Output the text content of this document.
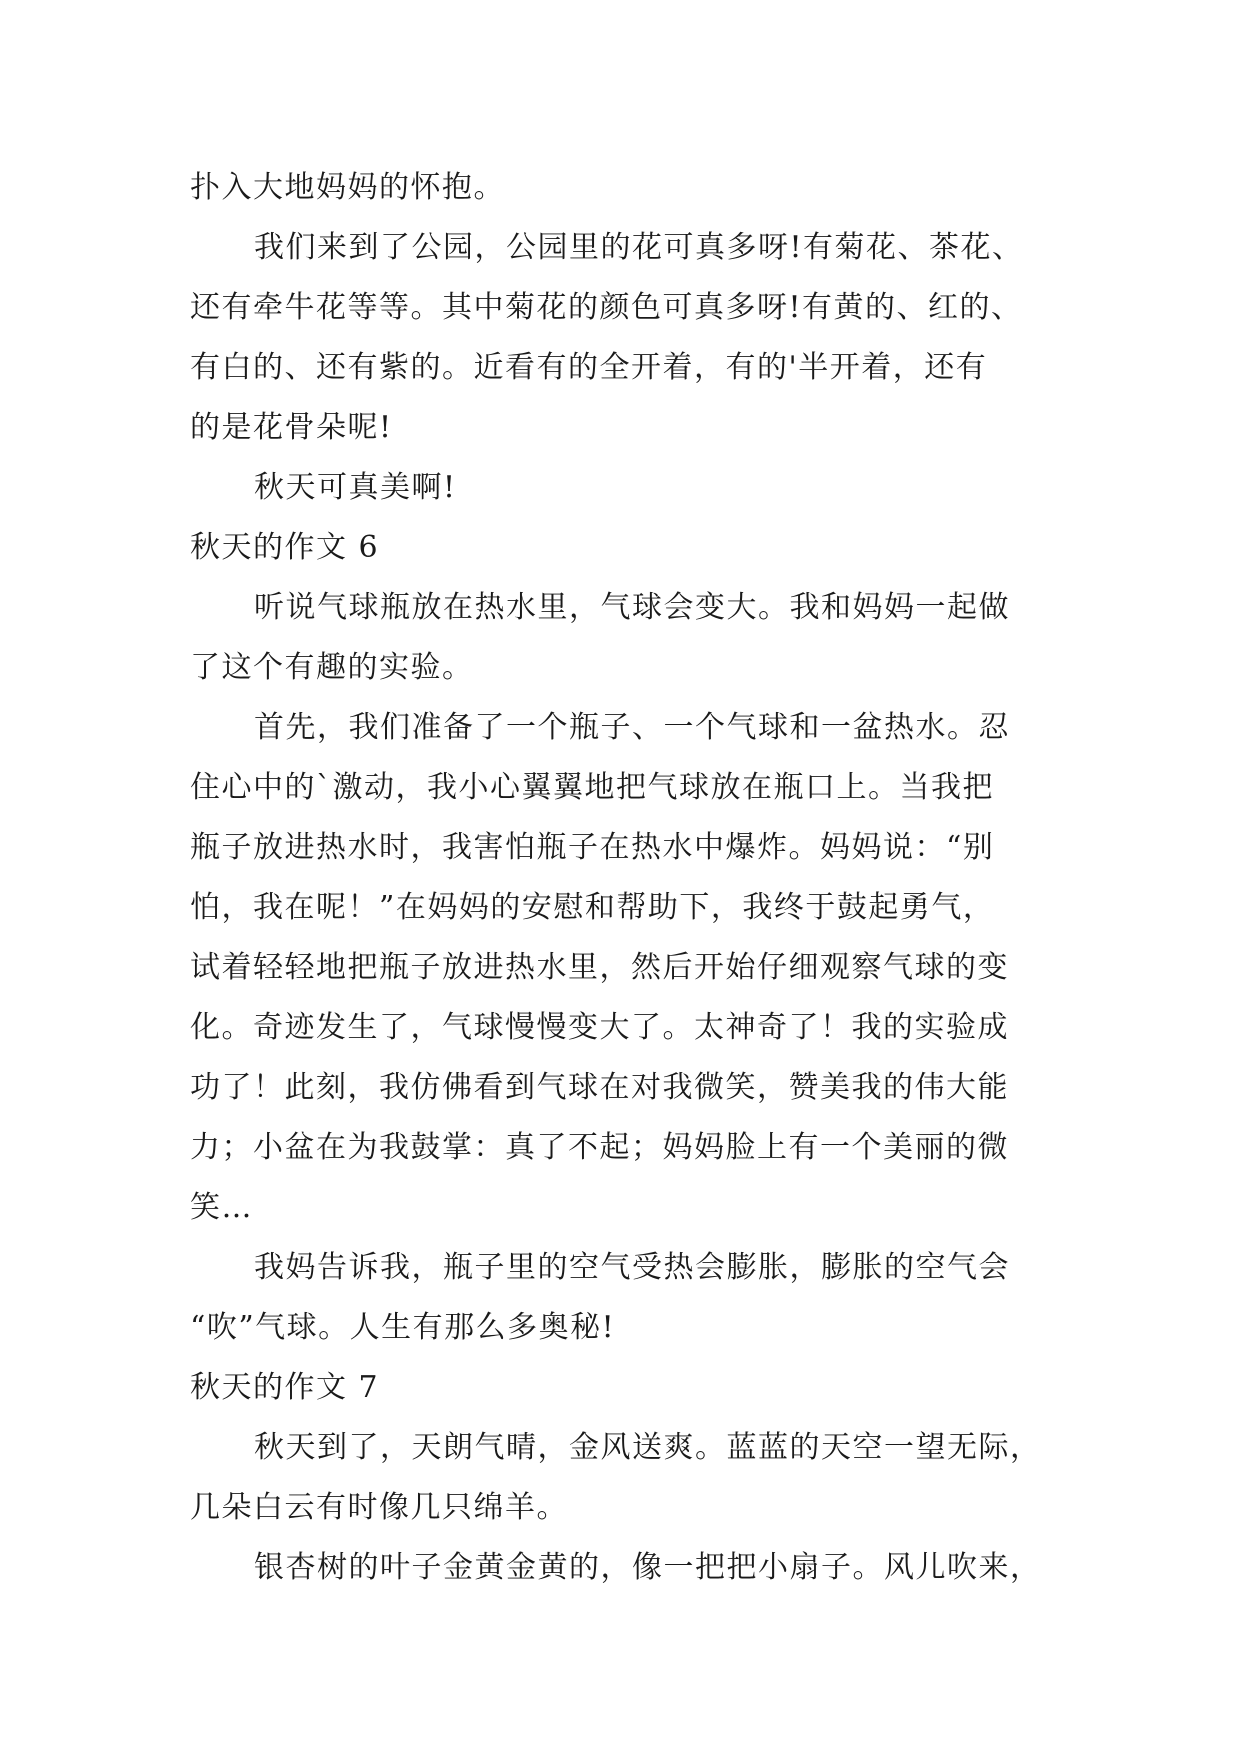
扑入大地妈妈的怀抱。
我们来到了公园，公园里的花可真多呀!有菊花、茶花、
还有牵牛花等等。其中菊花的颜色可真多呀!有黄的、红的、
有白的、还有紫的。近看有的全开着，有的'半开着，还有
的是花骨朵呢!
秋天可真美啊!
秋天的作文 6
听说气球瓶放在热水里，气球会变大。我和妈妈一起做
了这个有趣的实验。
首先，我们准备了一个瓶子、一个气球和一盆热水。忍
住心中的`激动，我小心翼翼地把气球放在瓶口上。当我把
瓶子放进热水时，我害怕瓶子在热水中爆炸。妈妈说：“别
怕，我在呢！”在妈妈的安慰和帮助下，我终于鼓起勇气，
试着轻轻地把瓶子放进热水里，然后开始仔细观察气球的变
化。奇迹发生了，气球慢慢变大了。太神奇了！我的实验成
功了！此刻，我仿佛看到气球在对我微笑，赞美我的伟大能
力；小盆在为我鼓掌：真了不起；妈妈脸上有一个美丽的微
笑…
我妈告诉我，瓶子里的空气受热会膨胀，膨胀的空气会
“吹”气球。人生有那么多奥秘!
秋天的作文 7
秋天到了，天朗气晴，金风送爽。蓝蓝的天空一望无际，
几朵白云有时像几只绵羊。
银杏树的叶子金黄金黄的，像一把把小扇子。风儿吹来，
